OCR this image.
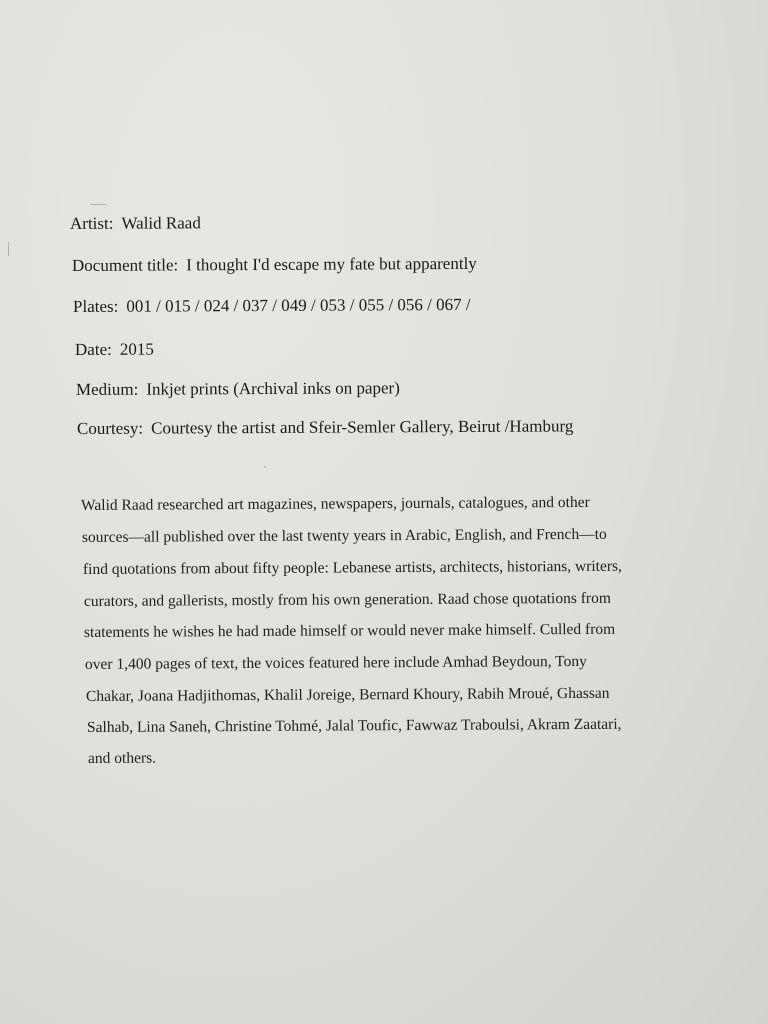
Artist: Walid Raad
Document title: I thought I'd escape my fate but apparently
Plates: 001 / 015 / 024 / 037 / 049 / 053 / 055 / 056 / 067 /
Date: 2015
Medium: Inkjet prints (Archival inks on paper)
Courtesy: Courtesy the artist and Sfeir-Semler Gallery, Beirut /Hamburg
Walid Raad researched art magazines, newspapers, journals, catalogues, and other
sources—all published over the last twenty years in Arabic, English, and French—to
find quotations from about fifty people: Lebanese artists, architects, historians, writers,
curators, and gallerists, mostly from his own generation. Raad chose quotations from
statements he wishes he had made himself or would never make himself. Culled from
over 1,400 pages of text, the voices featured here include Amhad Beydoun, Tony
Chakar, Joana Hadjithomas, Khalil Joreige, Bernard Khoury, Rabih Mroué, Ghassan
Salhab, Lina Saneh, Christine Tohmé, Jalal Toufic, Fawwaz Traboulsi, Akram Zaatari,
and others.
